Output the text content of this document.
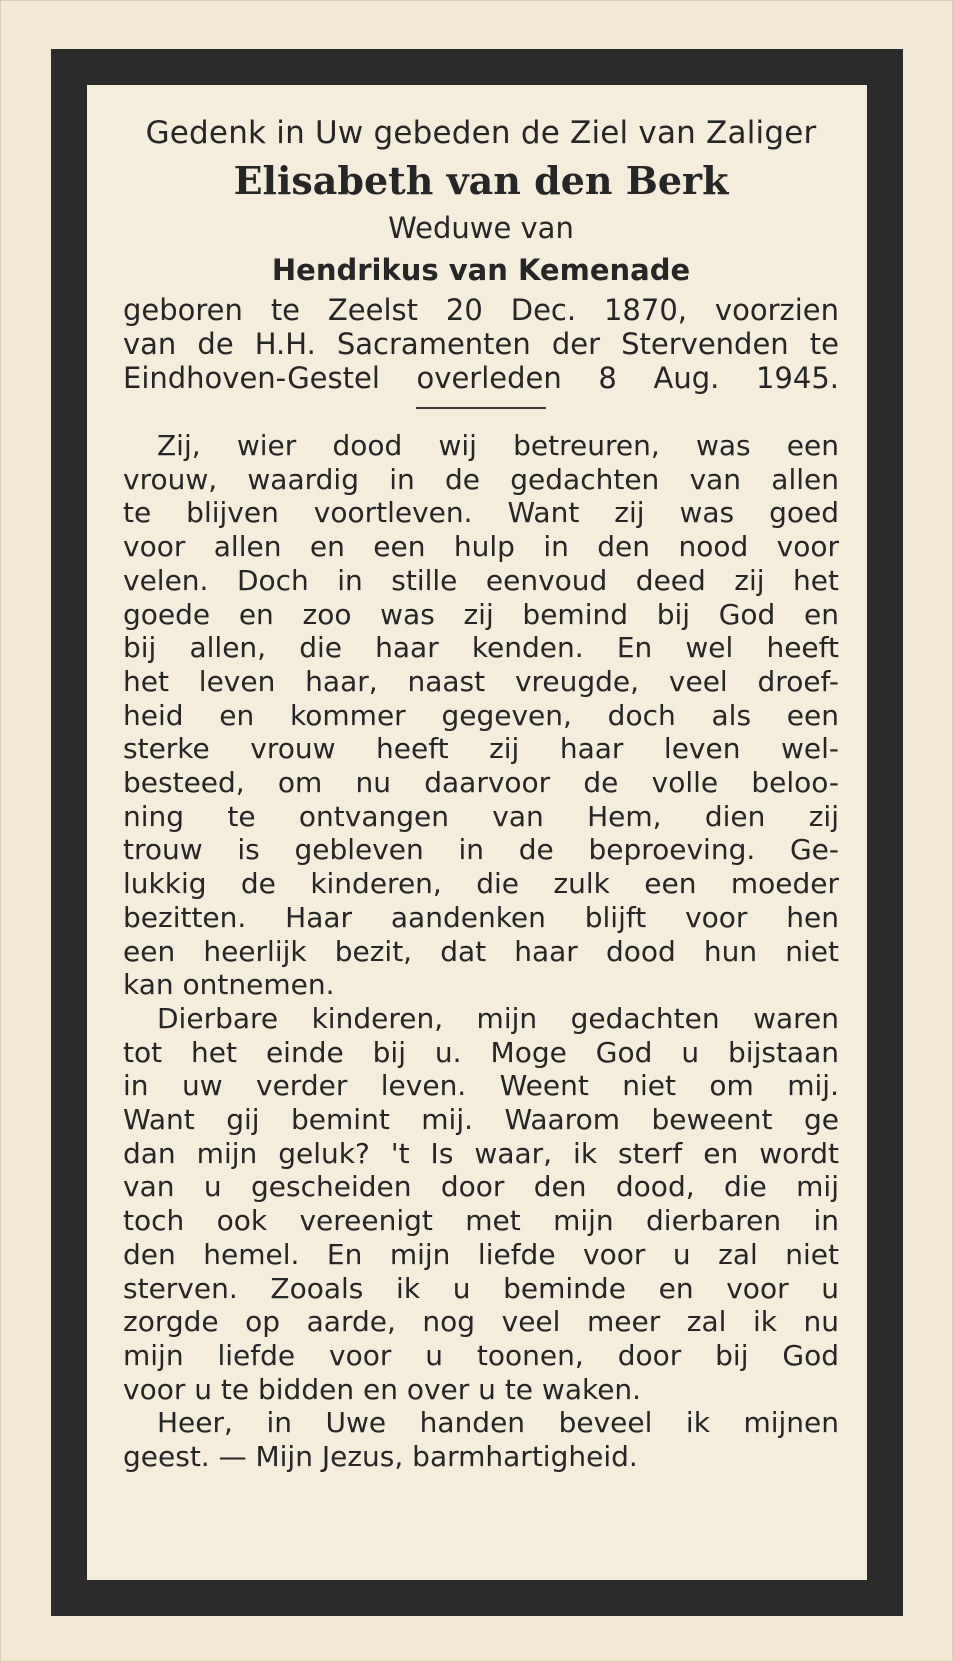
Gedenk in Uw gebeden de Ziel van Zaliger
Elisabeth van den Berk
Weduwe van
Hendrikus van Kemenade
geboren te Zeelst 20 Dec. 1870, voorzien
van de H.H. Sacramenten der Stervenden te
Eindhoven-Gestel overleden 8 Aug. 1945.
Zij, wier dood wij betreuren, was een
vrouw, waardig in de gedachten van allen
te blijven voortleven. Want zij was goed
voor allen en een hulp in den nood voor
velen. Doch in stille eenvoud deed zij het
goede en zoo was zij bemind bij God en
bij allen, die haar kenden. En wel heeft
het leven haar, naast vreugde, veel droef-
heid en kommer gegeven, doch als een
sterke vrouw heeft zij haar leven wel-
besteed, om nu daarvoor de volle beloo-
ning te ontvangen van Hem, dien zij
trouw is gebleven in de beproeving. Ge-
lukkig de kinderen, die zulk een moeder
bezitten. Haar aandenken blijft voor hen
een heerlijk bezit, dat haar dood hun niet
kan ontnemen.
Dierbare kinderen, mijn gedachten waren
tot het einde bij u. Moge God u bijstaan
in uw verder leven. Weent niet om mij.
Want gij bemint mij. Waarom beweent ge
dan mijn geluk? 't Is waar, ik sterf en wordt
van u gescheiden door den dood, die mij
toch ook vereenigt met mijn dierbaren in
den hemel. En mijn liefde voor u zal niet
sterven. Zooals ik u beminde en voor u
zorgde op aarde, nog veel meer zal ik nu
mijn liefde voor u toonen, door bij God
voor u te bidden en over u te waken.
Heer, in Uwe handen beveel ik mijnen
geest. — Mijn Jezus, barmhartigheid.
